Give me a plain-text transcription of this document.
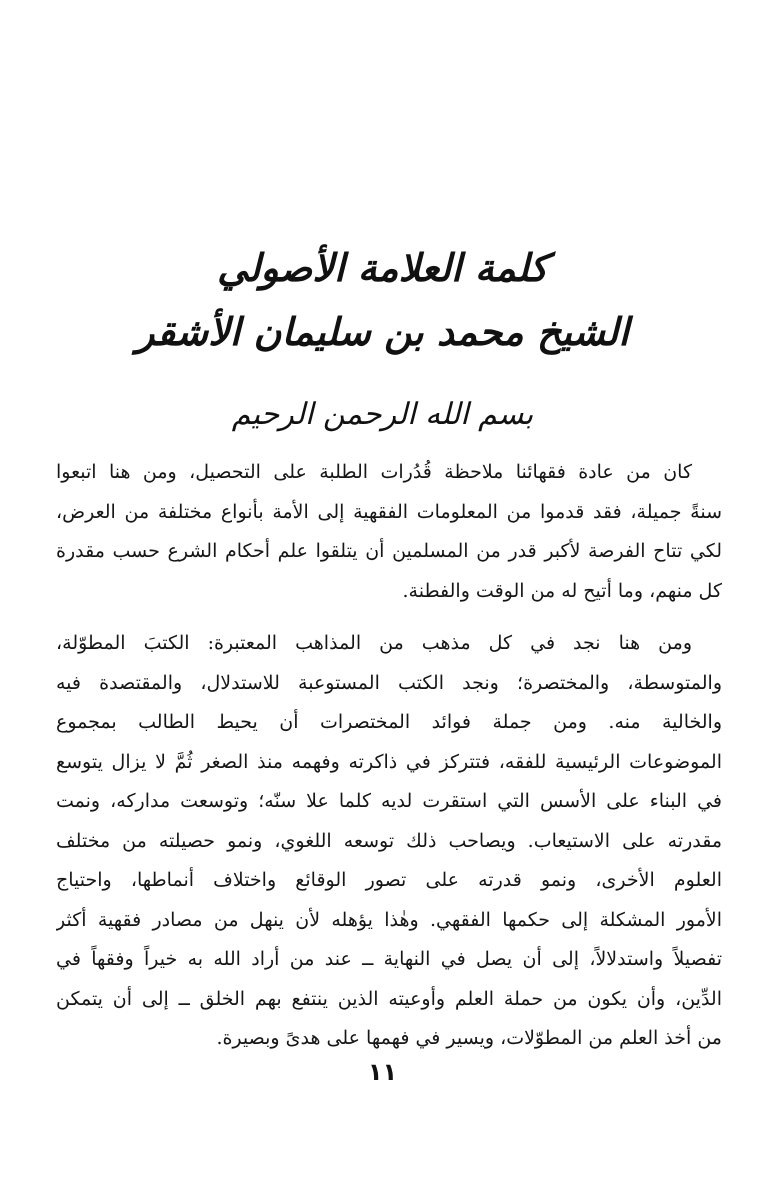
كلمة العلامة الأصولي
الشيخ محمد بن سليمان الأشقر
بسم الله الرحمن الرحيم
كان من عادة فقهائنا ملاحظة قُدُرات الطلبة على التحصيل، ومن هنا اتبعوا
سنةً جميلة، فقد قدموا من المعلومات الفقهية إلى الأمة بأنواع مختلفة من العرض،
لكي تتاح الفرصة لأكبر قدر من المسلمين أن يتلقوا علم أحكام الشرع حسب مقدرة
كل منهم، وما أتيح له من الوقت والفطنة.
ومن هنا نجد في كل مذهب من المذاهب المعتبرة: الكتبَ المطوّلة،
والمتوسطة، والمختصرة؛ ونجد الكتب المستوعبة للاستدلال، والمقتصدة فيه
والخالية منه. ومن جملة فوائد المختصرات أن يحيط الطالب بمجموع
الموضوعات الرئيسية للفقه، فتتركز في ذاكرته وفهمه منذ الصغر ثُمَّ لا يزال يتوسع
في البناء على الأسس التي استقرت لديه كلما علا سنّه؛ وتوسعت مداركه، ونمت
مقدرته على الاستيعاب. ويصاحب ذلك توسعه اللغوي، ونمو حصيلته من مختلف
العلوم الأخرى، ونمو قدرته على تصور الوقائع واختلاف أنماطها، واحتياج
الأمور المشكلة إلى حكمها الفقهي. وهٰذا يؤهله لأن ينهل من مصادر فقهية أكثر
تفصيلاً واستدلالاً، إلى أن يصل في النهاية ــ عند من أراد الله به خيراً وفقهاً في
الدِّين، وأن يكون من حملة العلم وأوعيته الذين ينتفع بهم الخلق ــ إلى أن يتمكن
من أخذ العلم من المطوّلات، ويسير في فهمها على هدىً وبصيرة.
١١
